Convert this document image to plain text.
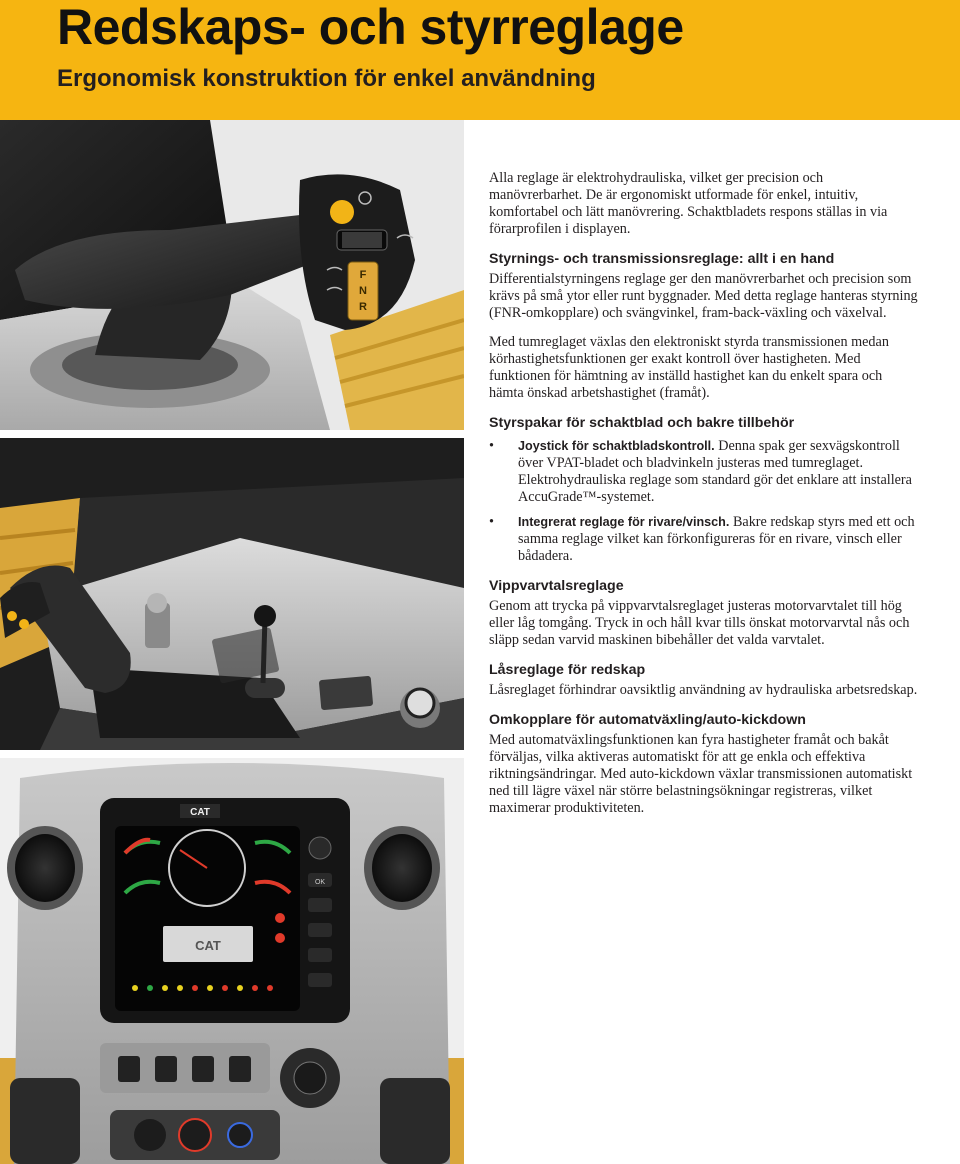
Redskaps- och styrreglage
Ergonomisk konstruktion för enkel användning
F
N
R
CAT
CAT
OK

Alla reglage är elektrohydrauliska, vilket ger precision och manövrerbarhet. De är ergonomiskt utformade för enkel, intuitiv, komfortabel och lätt manövrering. Schaktbladets respons ställas in via förarprofilen i displayen.

Styrnings- och transmissionsreglage: allt i en hand

Differentialstyrningens reglage ger den manövrerbarhet och precision som krävs på små ytor eller runt byggnader. Med detta reglage hanteras styrning (FNR-omkopplare) och svängvinkel, fram-back-växling och växelval.

Med tumreglaget växlas den elektroniskt styrda transmissionen medan körhastighetsfunktionen ger exakt kontroll över hastigheten. Med funktionen för hämtning av inställd hastighet kan du enkelt spara och hämta önskad arbetshastighet (framåt).

Styrspakar för schaktblad och bakre tillbehör
• Joystick för schaktbladskontroll. Denna spak ger sexvägskontroll över VPAT-bladet och bladvinkeln justeras med tumreglaget. Elektrohydrauliska reglage som standard gör det enklare att installera AccuGrade™-systemet.
• Integrerat reglage för rivare/vinsch. Bakre redskap styrs med ett och samma reglage vilket kan förkonfigureras för en rivare, vinsch eller bådadera.
Vippvarvtalsreglage

Genom att trycka på vippvarvtalsreglaget justeras motorvarvtalet till hög eller låg tomgång. Tryck in och håll kvar tills önskat motorvarvtal nås och släpp sedan varvid maskinen bibehåller det valda varvtalet.

Låsreglage för redskap

Låsreglaget förhindrar oavsiktlig användning av hydrauliska arbetsredskap.

Omkopplare för automatväxling/auto-kickdown

Med automatväxlingsfunktionen kan fyra hastigheter framåt och bakåt förväljas, vilka aktiveras automatiskt för att ge enkla och effektiva riktningsändringar. Med auto-kickdown växlar transmissionen automatiskt ned till lägre växel när större belastningsökningar registreras, vilket maximerar produktiviteten.
